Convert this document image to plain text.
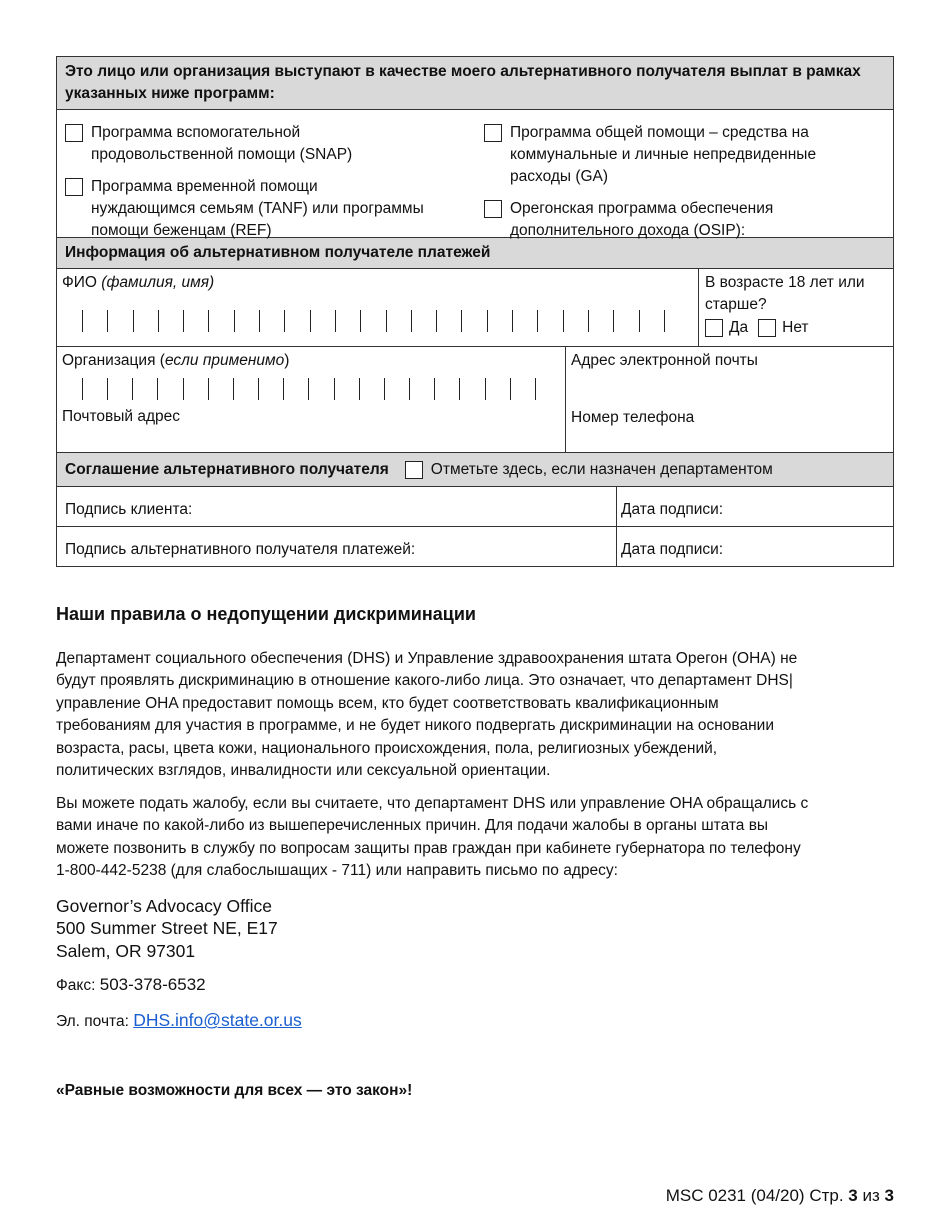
Это лицо или организация выступают в качестве моего альтернативного получателя выплат в рамках указанных ниже программ:
Программа вспомогательной
продовольственной помощи (SNAP)
Программа временной помощи
нуждающимся семьям (TANF) или программы
помощи беженцам (REF)
Программа общей помощи – средства на
коммунальные и личные непредвиденные
расходы (GA)
Орегонская программа обеспечения
дополнительного дохода (OSIP):
Информация об альтернативном получателе платежей
ФИО (фамилия, имя)	В возрасте 18 лет или
старше?
Да Нет
Организация (если применимо)
Почтовый адрес
Адрес электронной почты
Номер телефона
Соглашение альтернативного получателя	Отметьте здесь, если назначен департаментом
Подпись клиента:	Дата подписи:
Подпись альтернативного получателя платежей:	Дата подписи:
Наши правила о недопущении дискриминации
Департамент социального обеспечения (DHS) и Управление здравоохранения штата Орегон (OHA) не
будут проявлять дискриминацию в отношение какого-либо лица. Это означает, что департамент DHS|
управление OHA предоставит помощь всем, кто будет соответствовать квалификационным
требованиям для участия в программе, и не будет никого подвергать дискриминации на основании
возраста, расы, цвета кожи, национального происхождения, пола, религиозных убеждений,
политических взглядов, инвалидности или сексуальной ориентации.
Вы можете подать жалобу, если вы считаете, что департамент DHS или управление OHA обращались с
вами иначе по какой-либо из вышеперечисленных причин. Для подачи жалобы в органы штата вы
можете позвонить в службу по вопросам защиты прав граждан при кабинете губернатора по телефону
1-800-442-5238 (для слабослышащих - 711) или направить письмо по адресу:
Governor’s Advocacy Office
500 Summer Street NE, E17
Salem, OR 97301
Факс: 503-378-6532
Эл. почта: DHS.info@state.or.us
«Равные возможности для всех — это закон»!
MSC 0231 (04/20) Стр. 3 из 3
